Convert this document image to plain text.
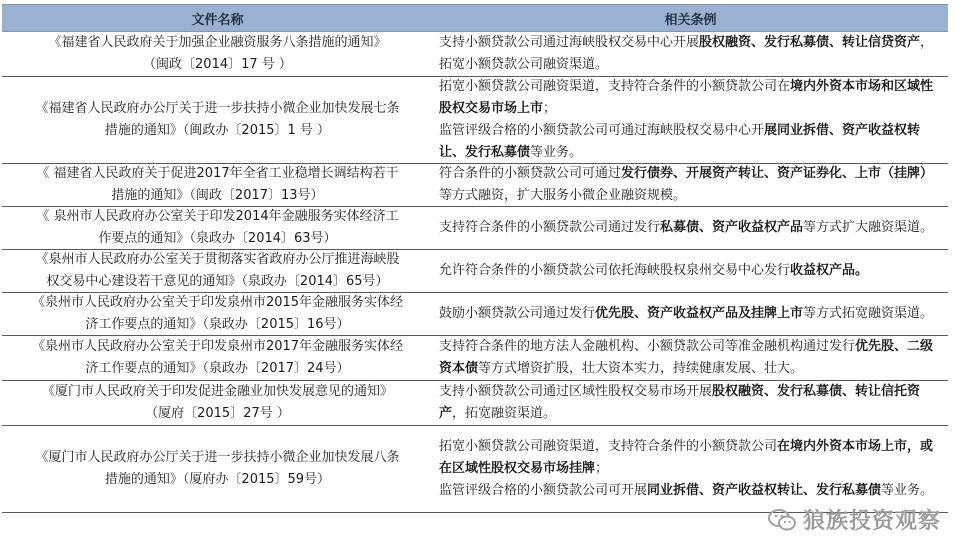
文件名称	相关条例
《福建省人民政府关于加强企业融资服务八条措施的通知》
（闽政〔2014〕17 号 ）
支持小额贷款公司通过海峡股权交易中心开展股权融资、发行私募债、转让信贷资产，拓宽小额贷款公司融资渠道。
《福建省人民政府办公厅关于进一步扶持小微企业加快发展七条
措施的通知》（闽政办〔2015〕1 号 ）
拓宽小额贷款公司融资渠道，支持符合条件的小额贷款公司在境内外资本市场和区域性股权交易市场上市；
监管评级合格的小额贷款公司可通过海峡股权交易中心开展同业拆借、资产收益权转让、发行私募债等业务。
《 福建省人民政府关于促进2017年全省工业稳增长调结构若干
措施的通知》（闽政〔2017〕13号）
符合条件的小额贷款公司可通过发行债券、开展资产转让、资产证券化、上市（挂牌）等方式融资，扩大服务小微企业融资规模。
《 泉州市人民政府办公室关于印发2014年金融服务实体经济工
作要点的通知》（泉政办〔2014〕63号）
支持符合条件的小额贷款公司通过发行私募债、资产收益权产品等方式扩大融资渠道。
《泉州市人民政府办公室关于贯彻落实省政府办公厅推进海峡股
权交易中心建设若干意见的通知》（泉政办〔2014〕65号）
允许符合条件的小额贷款公司依托海峡股权泉州交易中心发行收益权产品。
《泉州市人民政府办公室关于印发泉州市2015年金融服务实体经
济工作要点的通知》（泉政办〔2015〕16号）
鼓励小额贷款公司通过发行优先股、资产收益权产品及挂牌上市等方式拓宽融资渠道。
《泉州市人民政府办公室关于印发泉州市2017年金融服务实体经
济工作要点的通知》（泉政办〔2017〕24号）
支持符合条件的地方法人金融机构、小额贷款公司等准金融机构通过发行优先股、二级资本债等方式增资扩股，壮大资本实力，持续健康发展、壮大。
《厦门市人民政府关于印发促进金融业加快发展意见的通知》
（厦府〔2015〕27号 ）
支持小额贷款公司通过区域性股权交易市场开展股权融资、发行私募债、转让信托资产，拓宽融资渠道。
《厦门市人民政府办公厅关于进一步扶持小微企业加快发展八条
措施的通知》（厦府办〔2015〕59号）
拓宽小额贷款公司融资渠道，支持符合条件的小额贷款公司在境内外资本市场上市，或在区域性股权交易市场挂牌；
监管评级合格的小额贷款公司可开展同业拆借、资产收益权转让、发行私募债等业务。
狼族投资观察
